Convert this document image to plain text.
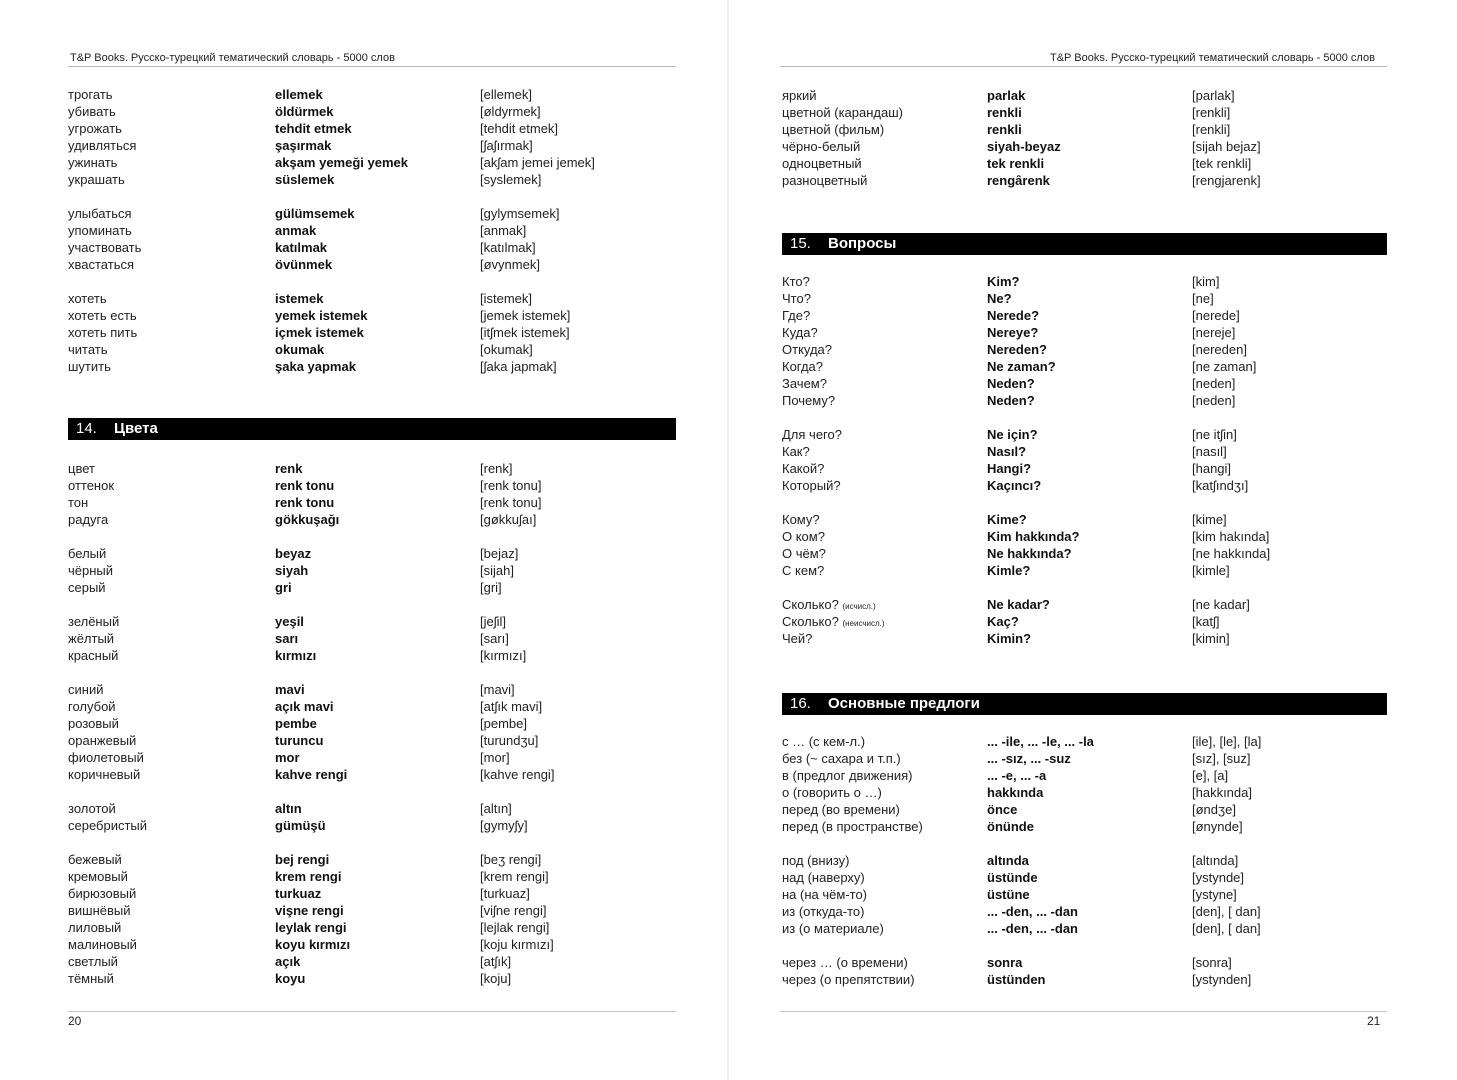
T&P Books. Русско-турецкий тематический словарь - 5000 слов
трогать	ellemek	[ellemek]
убивать	öldürmek	[øldyrmek]
угрожать	tehdit etmek	[tehdit etmek]
удивляться	şaşırmak	[ʃaʃırmak]
ужинать	akşam yemeği yemek	[akʃam jemei jemek]
украшать	süslemek	[syslemek]
улыбаться	gülümsemek	[gylymsemek]
упоминать	anmak	[anmak]
участвовать	katılmak	[katılmak]
хвастаться	övünmek	[øvynmek]
хотеть	istemek	[istemek]
хотеть есть	yemek istemek	[jemek istemek]
хотеть пить	içmek istemek	[itʃmek istemek]
читать	okumak	[okumak]
шутить	şaka yapmak	[ʃaka japmak]
цвет	renk	[renk]
оттенок	renk tonu	[renk tonu]
тон	renk tonu	[renk tonu]
радуга	gökkuşağı	[gøkkuʃaı]
белый	beyaz	[bejaz]
чёрный	siyah	[sijah]
серый	gri	[gri]
зелёный	yeşil	[jeʃil]
жёлтый	sarı	[sarı]
красный	kırmızı	[kırmızı]
синий	mavi	[mavi]
голубой	açık mavi	[atʃık mavi]
розовый	pembe	[pembe]
оранжевый	turuncu	[turundʒu]
фиолетовый	mor	[mor]
коричневый	kahve rengi	[kahve rengi]
золотой	altın	[altın]
серебристый	gümüşü	[gymyʃy]
бежевый	bej rengi	[beʒ rengi]
кремовый	krem rengi	[krem rengi]
бирюзовый	turkuaz	[turkuaz]
вишнёвый	vişne rengi	[viʃne rengi]
лиловый	leylak rengi	[lejlak rengi]
малиновый	koyu kırmızı	[koju kırmızı]
светлый	açık	[atʃık]
тёмный	koyu	[koju]
14. Цвета
20
T&P Books. Русско-турецкий тематический словарь - 5000 слов
яркий	parlak	[parlak]
цветной (карандаш)	renkli	[renkli]
цветной (фильм)	renkli	[renkli]
чёрно-белый	siyah-beyaz	[sijah bejaz]
одноцветный	tek renkli	[tek renkli]
разноцветный	rengârenk	[rengjarenk]
Кто?	Kim?	[kim]
Что?	Ne?	[ne]
Где?	Nerede?	[nerede]
Куда?	Nereye?	[nereje]
Откуда?	Nereden?	[nereden]
Когда?	Ne zaman?	[ne zaman]
Зачем?	Neden?	[neden]
Почему?	Neden?	[neden]
Для чего?	Ne için?	[ne itʃin]
Как?	Nasıl?	[nasıl]
Какой?	Hangi?	[hangi]
Который?	Kaçıncı?	[katʃındʒı]
Кому?	Kime?	[kime]
О ком?	Kim hakkında?	[kim hakında]
О чём?	Ne hakkında?	[ne hakkında]
С кем?	Kimle?	[kimle]
Сколько? (исчисл.)	Ne kadar?	[ne kadar]
Сколько? (неисчисл.)	Kaç?	[katʃ]
Чей?	Kimin?	[kimin]
с … (с кем-л.)	... -ile, ... -le, ... -la	[ile], [le], [la]
без (~ сахара и т.п.)	... -sız, ... -suz	[sız], [suz]
в (предлог движения)	... -e, ... -a	[e], [a]
о (говорить о …)	hakkında	[hakkında]
перед (во времени)	önce	[øndʒe]
перед (в пространстве)	önünde	[ønynde]
под (внизу)	altında	[altında]
над (наверху)	üstünde	[ystynde]
на (на чём-то)	üstüne	[ystyne]
из (откуда-то)	... -den, ... -dan	[den], [ dan]
из (о материале)	... -den, ... -dan	[den], [ dan]
через … (о времени)	sonra	[sonra]
через (о препятствии)	üstünden	[ystynden]
15. Вопросы
16. Основные предлоги
21
